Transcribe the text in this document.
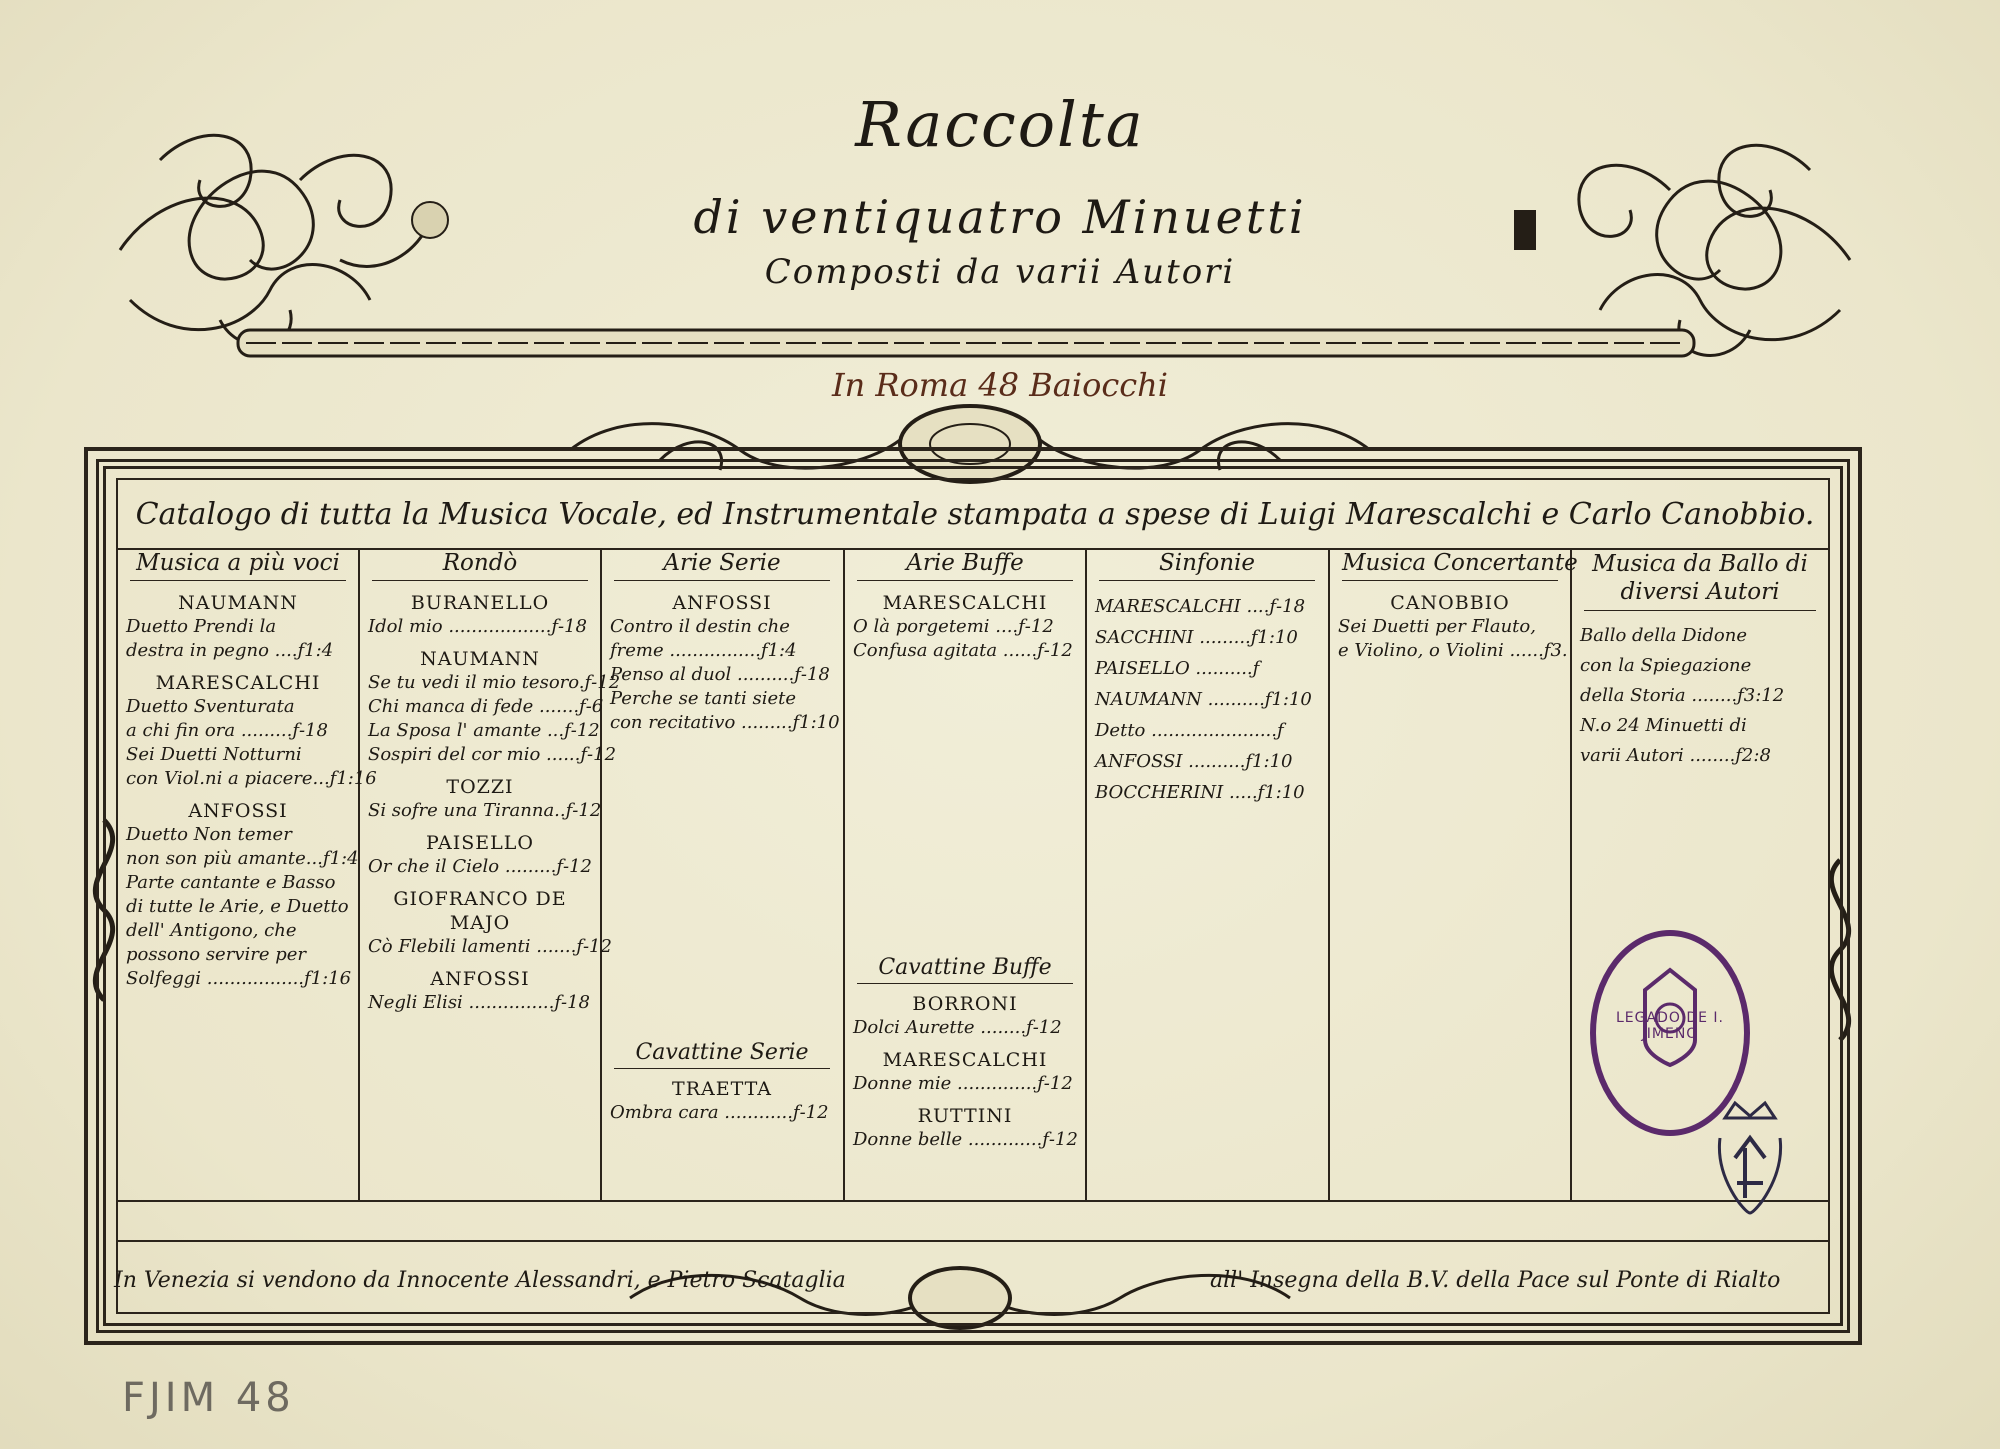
Raccolta
di ventiquatro Minuetti
Composti da varii Autori
In Roma 48 Baiocchi
Catalogo di tutta la Musica Vocale, ed Instrumentale stampata a spese di Luigi Marescalchi e Carlo Canobbio.
Musica a più voci
NAUMANN
Duetto Prendi la
destra in pegno ....ƒ1:4
MARESCALCHI
Duetto Sventurata
a chi fin ora .........ƒ-18
Sei Duetti Notturni
con Viol.ni a piacere...ƒ1:16
ANFOSSI
Duetto Non temer
non son più amante...ƒ1:4
Parte cantante e Basso
di tutte le Arie, e Duetto
dell' Antigono, che
possono servire per
Solfeggi .................ƒ1:16
Rondò
BURANELLO
Idol mio ..................ƒ-18
NAUMANN
Se tu vedi il mio tesoro.ƒ-12
Chi manca di fede .......ƒ-6
La Sposa l' amante ...ƒ-12
Sospiri del cor mio ......ƒ-12
TOZZI
Si sofre una Tiranna..ƒ-12
PAISELLO
Or che il Cielo .........ƒ-12
GIOFRANCO DE MAJO
Cò Flebili lamenti .......ƒ-12
ANFOSSI
Negli Elisi ...............ƒ-18
Arie Serie
ANFOSSI
Contro il destin che
freme ................ƒ1:4
Penso al duol ..........ƒ-18
Perche se tanti siete
con recitativo .........ƒ1:10
Cavattine Serie
TRAETTA
Ombra cara ............ƒ-12
Arie Buffe
MARESCALCHI
O là porgetemi ....ƒ-12
Confusa agitata ......ƒ-12
Cavattine Buffe
BORRONI
Dolci Aurette ........ƒ-12
MARESCALCHI
Donne mie ..............ƒ-12
RUTTINI
Donne belle .............ƒ-12
Sinfonie
MARESCALCHI ....ƒ-18
SACCHINI .........ƒ1:10
PAISELLO ..........ƒ
NAUMANN ..........ƒ1:10
Detto ......................ƒ
ANFOSSI ..........ƒ1:10
BOCCHERINI .....ƒ1:10
Musica Concertante
CANOBBIO
Sei Duetti per Flauto,
e Violino, o Violini ......ƒ3.
Musica da Ballo di diversi Autori
Ballo della Didone
con la Spiegazione
della Storia ........ƒ3:12
N.o 24 Minuetti di
varii Autori ........ƒ2:8
In Venezia si vendono da Innocente Alessandri, e Pietro Scataglia	all' Insegna della B.V. della Pace sul Ponte di Rialto
LEGADO DE I. JIMENO
FJIM 48
